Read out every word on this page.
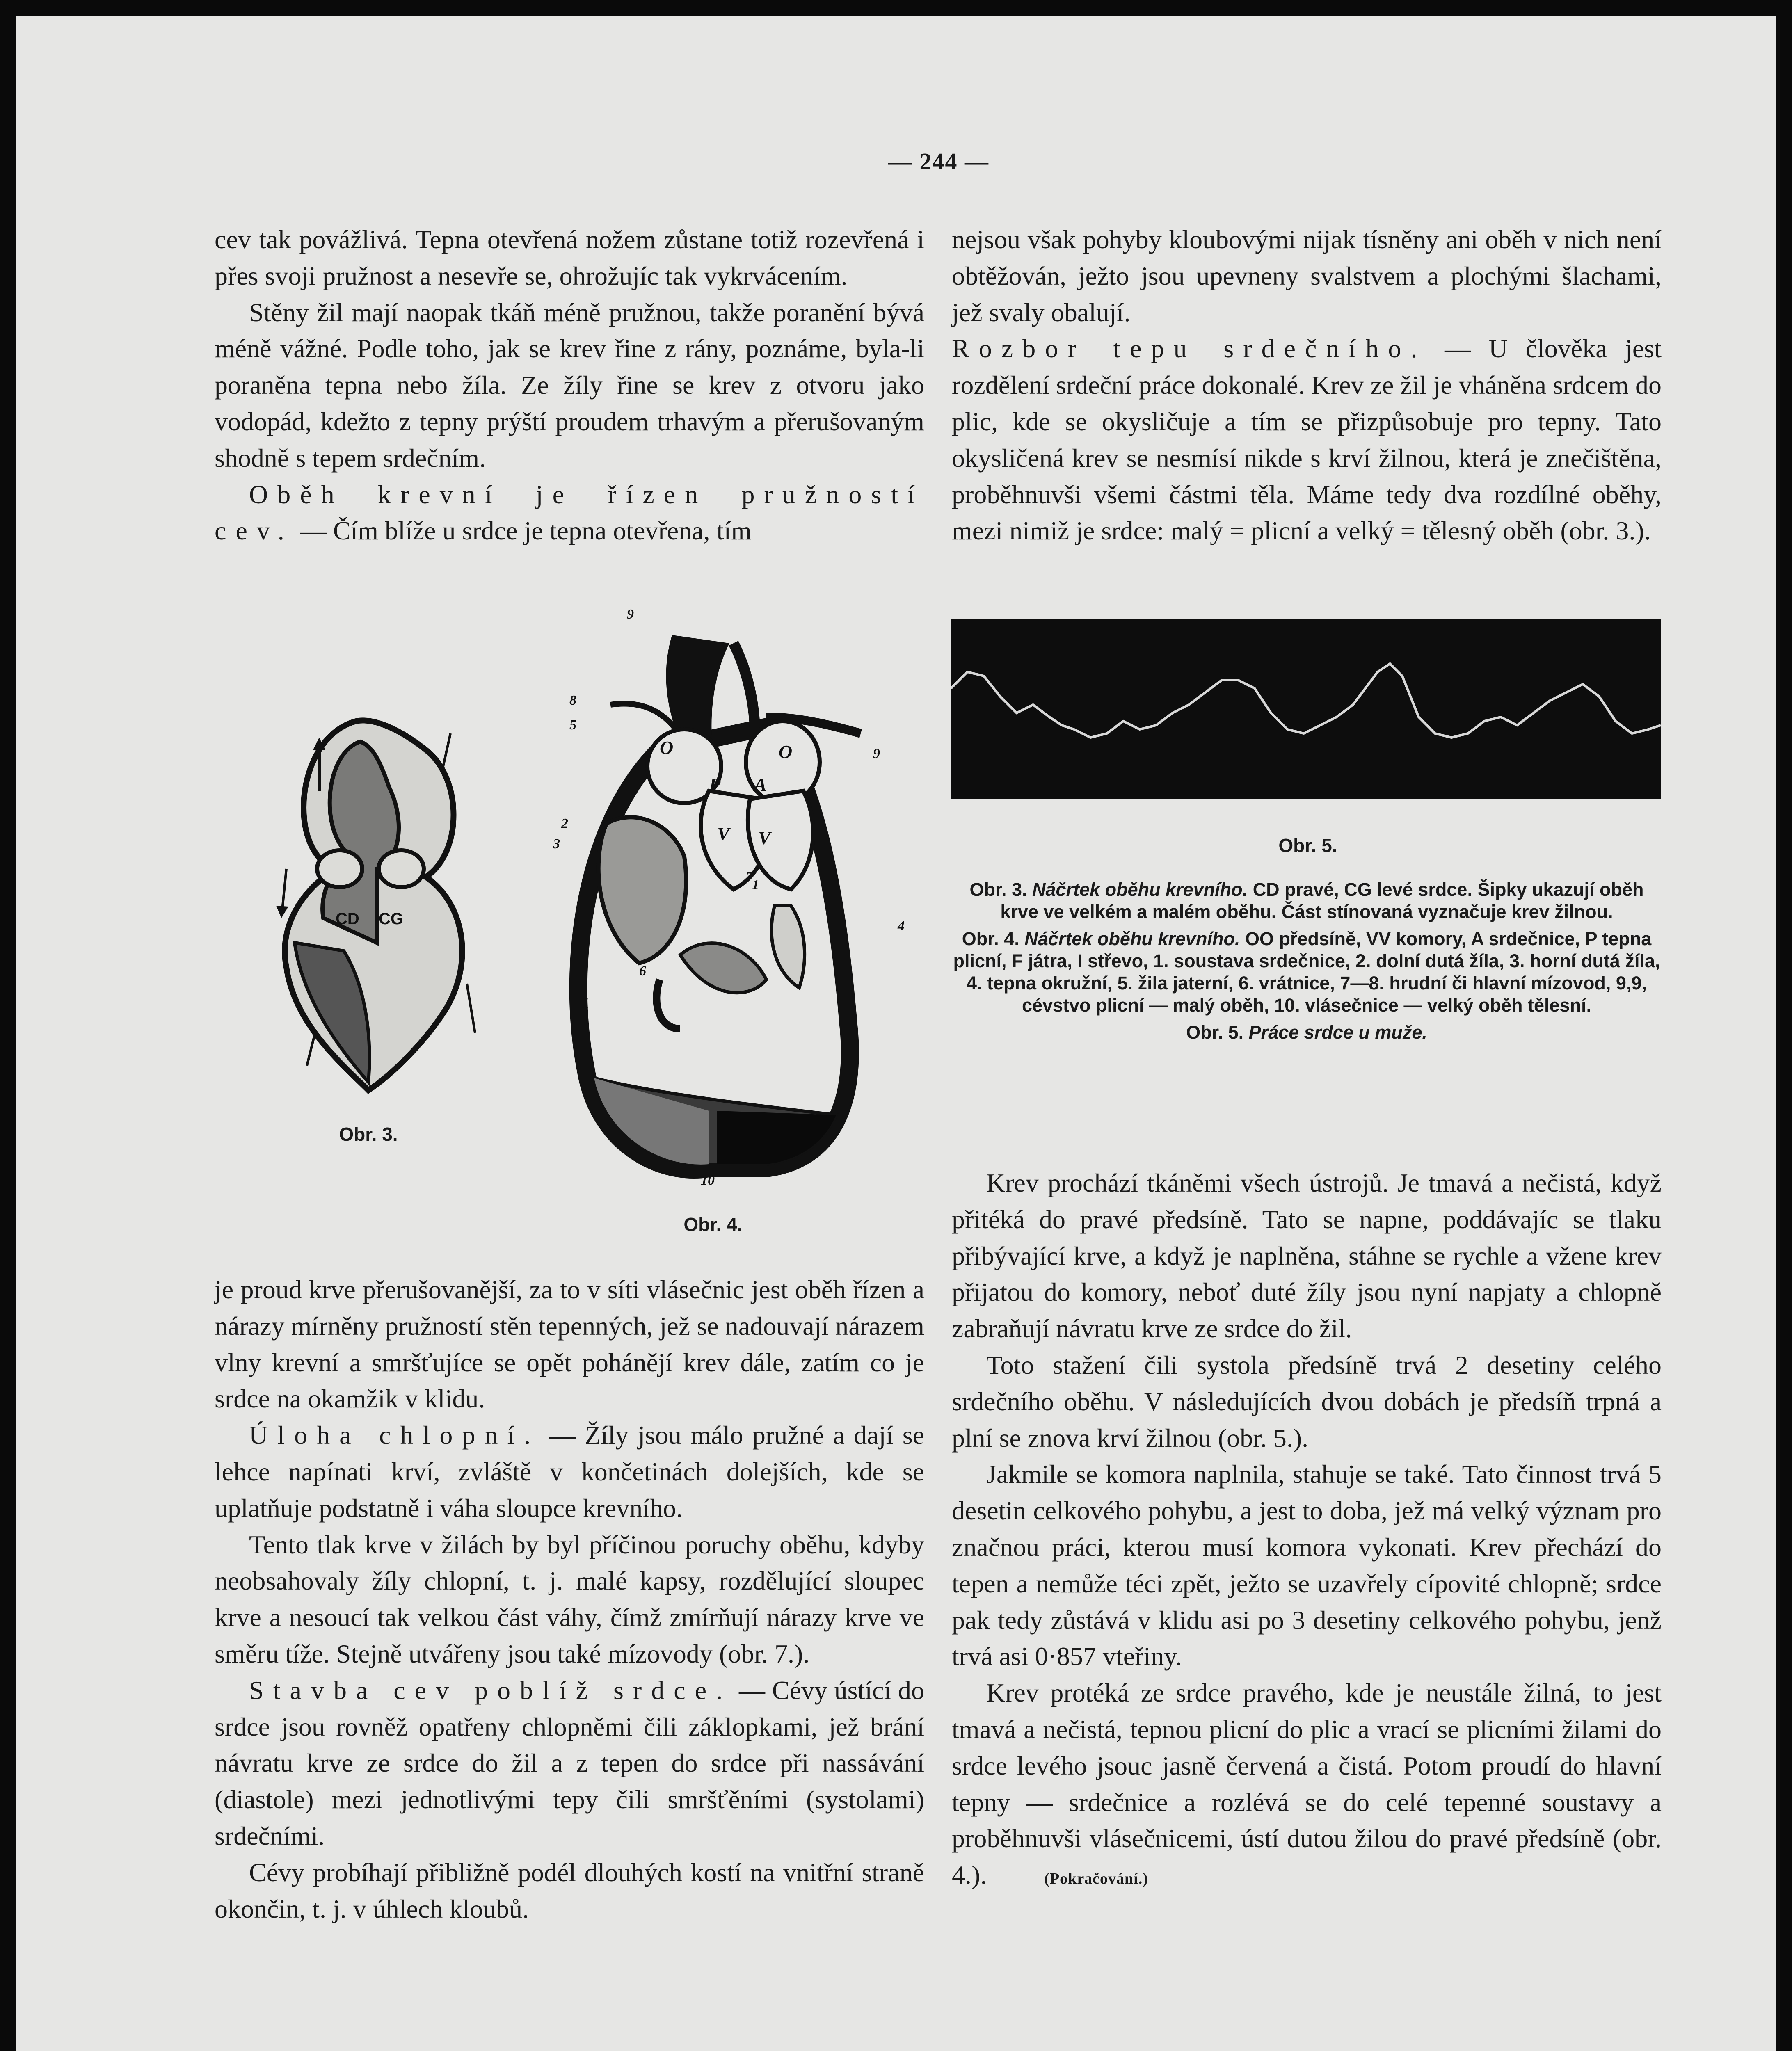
— 244 —

cev tak povážlivá. Tepna otevřená nožem zůstane totiž rozevřená i přes svoji pružnost a nesevře se, ohrožujíc tak vykrvácením.

Stěny žil mají naopak tkáň méně pružnou, takže poranění bývá méně vážné. Podle toho, jak se krev řine z rány, poznáme, byla-li poraněna tepna nebo žíla. Ze žíly řine se krev z otvoru jako vodopád, kdežto z tepny prýští proudem trhavým a přerušovaným shodně s tepem srdečním.

Oběh krevní je řízen pružností cev. — Čím blíže u srdce je tepna otevřena, tím

CD CG
Obr. 3.
O	O
P A
V V
1
1
2
3
4
5
6
7
8
9
9
10
Obr. 4.
Obr. 5.

Obr. 3. Náčrtek oběhu krevního. CD pravé, CG levé srdce. Šipky ukazují oběh krve ve velkém a malém oběhu. Část stínovaná vyznačuje krev žilnou.

Obr. 4. Náčrtek oběhu krevního. OO předsíně, VV komory, A srdečnice, P tepna plicní, F játra, I střevo, 1. soustava srdečnice, 2. dolní dutá žíla, 3. horní dutá žíla, 4. tepna okružní, 5. žila jaterní, 6. vrátnice, 7—8. hrudní či hlavní mízovod, 9,9, cévstvo plicní — malý oběh, 10. vlásečnice — velký oběh tělesní.

Obr. 5. Práce srdce u muže.

je proud krve přerušovanější, za to v síti vlásečnic jest oběh řízen a nárazy mírněny pružností stěn tepenných, jež se nadouvají nárazem vlny krevní a smršťujíce se opět pohánějí krev dále, zatím co je srdce na okamžik v klidu.

Úloha chlopní. — Žíly jsou málo pružné a dají se lehce napínati krví, zvláště v končetinách dolejších, kde se uplatňuje podstatně i váha sloupce krevního.

Tento tlak krve v žilách by byl příčinou poruchy oběhu, kdyby neobsahovaly žíly chlopní, t. j. malé kapsy, rozdělující sloupec krve a nesoucí tak velkou část váhy, čímž zmírňují nárazy krve ve směru tíže. Stejně utvářeny jsou také mízovody (obr. 7.).

Stavba cev poblíž srdce. — Cévy ústící do srdce jsou rovněž opatřeny chlopněmi čili záklopkami, jež brání návratu krve ze srdce do žil a z tepen do srdce při nassávání (diastole) mezi jednotlivými tepy čili smršťěními (systolami) srdečními.

Cévy probíhají přibližně podél dlouhých kostí na vnitřní straně okončin, t. j. v úhlech kloubů.

nejsou však pohyby kloubovými nijak tísněny ani oběh v nich není obtěžován, ježto jsou upevneny svalstvem a plochými šlachami, jež svaly obalují.

Rozbor tepu srdečního. — U člověka jest rozdělení srdeční práce dokonalé. Krev ze žil je vháněna srdcem do plic, kde se okysličuje a tím se přizpůsobuje pro tepny. Tato okysličená krev se nesmísí nikde s krví žilnou, která je znečištěna, proběhnuvši všemi částmi těla. Máme tedy dva rozdílné oběhy, mezi nimiž je srdce: malý = plicní a velký = tělesný oběh (obr. 3.).

Krev prochází tkáněmi všech ústrojů. Je tmavá a nečistá, když přitéká do pravé předsíně. Tato se napne, poddávajíc se tlaku přibývající krve, a když je naplněna, stáhne se rychle a vžene krev přijatou do komory, neboť duté žíly jsou nyní napjaty a chlopně zabraňují návratu krve ze srdce do žil.

Toto stažení čili systola předsíně trvá 2 desetiny celého srdečního oběhu. V následujících dvou dobách je předsíň trpná a plní se znova krví žilnou (obr. 5.).

Jakmile se komora naplnila, stahuje se také. Tato činnost trvá 5 desetin celkového pohybu, a jest to doba, jež má velký význam pro značnou práci, kterou musí komora vykonati. Krev přechází do tepen a nemůže téci zpět, ježto se uzavřely cípovité chlopně; srdce pak tedy zůstává v klidu asi po 3 desetiny celkového pohybu, jenž trvá asi 0·857 vteřiny.

Krev protéká ze srdce pravého, kde je neustále žilná, to jest tmavá a nečistá, tepnou plicní do plic a vrací se plicními žilami do srdce levého jsouc jasně červená a čistá. Potom proudí do hlavní tepny — srdečnice a rozlévá se do celé tepenné soustavy a proběhnuvši vlásečnicemi, ústí dutou žilou do pravé předsíně (obr. 4.).	(Pokračování.)
